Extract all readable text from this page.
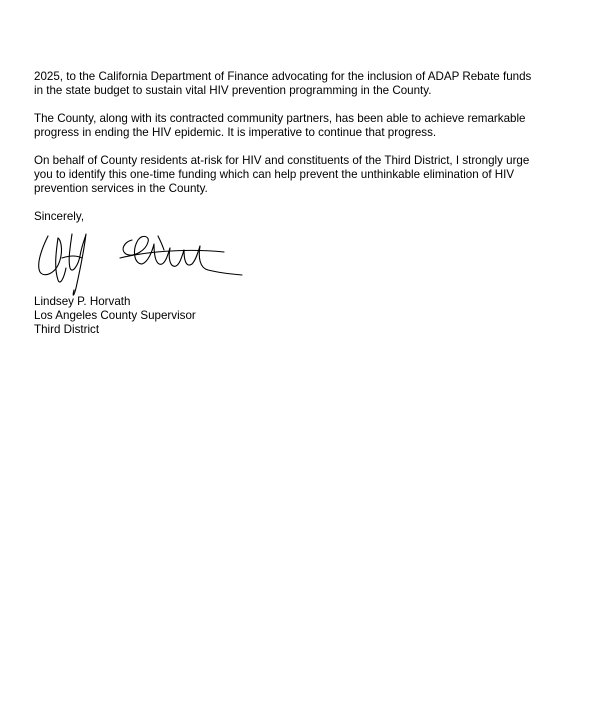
2025, to the California Department of Finance advocating for the inclusion of ADAP Rebate funds
in the state budget to sustain vital HIV prevention programming in the County.

The County, along with its contracted community partners, has been able to achieve remarkable
progress in ending the HIV epidemic. It is imperative to continue that progress.

On behalf of County residents at-risk for HIV and constituents of the Third District, I strongly urge
you to identify this one-time funding which can help prevent the unthinkable elimination of HIV
prevention services in the County.

Sincerely,

Lindsey P. Horvath
Los Angeles County Supervisor
Third District
